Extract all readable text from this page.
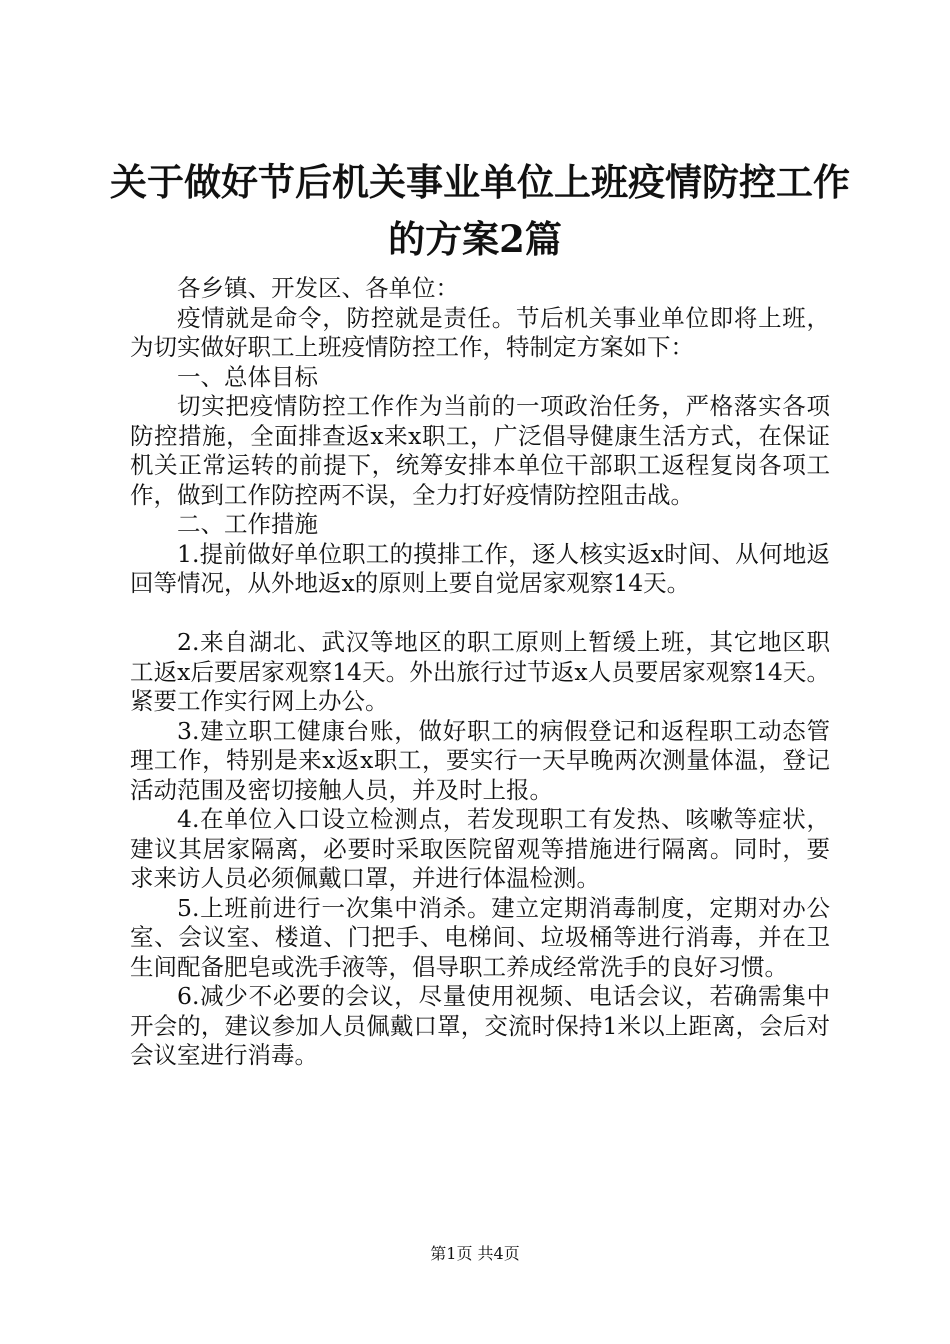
关于做好节后机关事业单位上班疫情防控工作
的方案2篇

各乡镇、开发区、各单位：

疫情就是命令，防控就是责任。节后机关事业单位即将上班，为切实做好职工上班疫情防控工作，特制定方案如下：

一、总体目标

切实把疫情防控工作作为当前的一项政治任务，严格落实各项防控措施，全面排查返x来x职工，广泛倡导健康生活方式，在保证机关正常运转的前提下，统筹安排本单位干部职工返程复岗各项工作，做到工作防控两不误，全力打好疫情防控阻击战。

二、工作措施

1.提前做好单位职工的摸排工作，逐人核实返x时间、从何地返回等情况，从外地返x的原则上要自觉居家观察14天。

2.来自湖北、武汉等地区的职工原则上暂缓上班，其它地区职工返x后要居家观察14天。外出旅行过节返x人员要居家观察14天。紧要工作实行网上办公。

3.建立职工健康台账，做好职工的病假登记和返程职工动态管理工作，特别是来x返x职工，要实行一天早晚两次测量体温，登记活动范围及密切接触人员，并及时上报。

4.在单位入口设立检测点，若发现职工有发热、咳嗽等症状，建议其居家隔离，必要时采取医院留观等措施进行隔离。同时，要求来访人员必须佩戴口罩，并进行体温检测。

5.上班前进行一次集中消杀。建立定期消毒制度，定期对办公室、会议室、楼道、门把手、电梯间、垃圾桶等进行消毒，并在卫生间配备肥皂或洗手液等，倡导职工养成经常洗手的良好习惯。

6.减少不必要的会议，尽量使用视频、电话会议，若确需集中开会的，建议参加人员佩戴口罩，交流时保持1米以上距离，会后对会议室进行消毒。

第1页 共4页
